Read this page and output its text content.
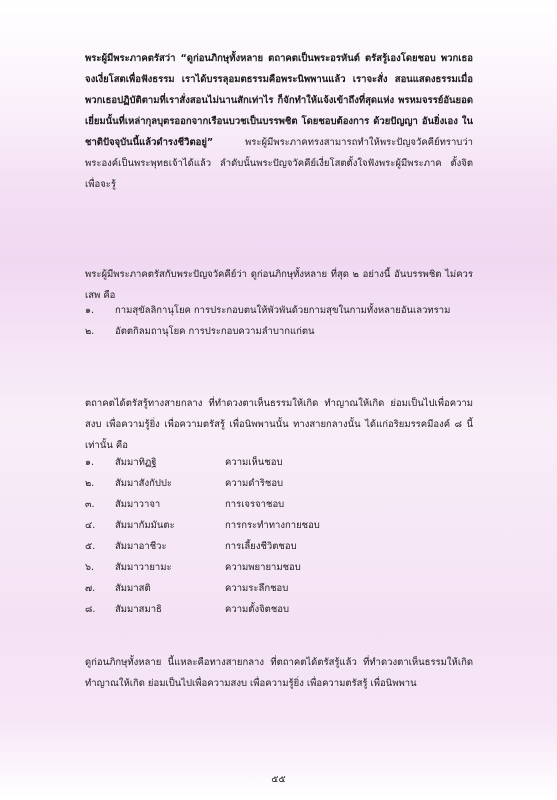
พระผู้มีพระภาคตรัสว่า “ดูก่อนภิกษุทั้งหลาย ตถาคตเป็นพระอรหันต์ ตรัสรู้เองโดยชอบ พวกเธอจงเงี่ยโสตเพื่อฟังธรรม เราได้บรรลุอมตธรรมคือพระนิพพานแล้ว เราจะสั่ง สอนแสดงธรรมเมื่อพวกเธอปฏิบัติตามที่เราสั่งสอนไม่นานสักเท่าไร ก็จักทำให้แจ้งเข้าถึงที่สุดแห่ง พรหมจรรย์อันยอดเยี่ยมนั้นที่เหล่ากุลบุตรออกจากเรือนบวชเป็นบรรพชิต โดยชอบต้องการ ด้วยปัญญา อันยิ่งเอง ในชาติปัจจุบันนี้แล้วดำรงชีวิตอยู่” พระผู้มีพระภาคทรงสามารถทำให้พระปัญจวัคคีย์ทราบว่า พระองค์เป็นพระพุทธเจ้าได้แล้ว ลำดับนั้นพระปัญจวัคคีย์เงี่ยโสตตั้งใจฟังพระผู้มีพระภาค ตั้งจิตเพื่อจะรู้

พระผู้มีพระภาคตรัสกับพระปัญจวัคคีย์ว่า ดูก่อนภิกษุทั้งหลาย ที่สุด ๒ อย่างนี้ อันบรรพชิต ไม่ควรเสพ คือ

๑. กามสุขัลลิกานุโยค การประกอบตนให้พัวพันด้วยกามสุขในกามทั้งหลายอันเลวทราม
๒. อัตตกิลมถานุโยค การประกอบความลำบากแก่ตน

ตถาคตได้ตรัสรู้ทางสายกลาง ที่ทำดวงตาเห็นธรรมให้เกิด ทำญาณให้เกิด ย่อมเป็นไปเพื่อความสงบ เพื่อความรู้ยิ่ง เพื่อความตรัสรู้ เพื่อนิพพานนั้น ทางสายกลางนั้น ได้แก่อริยมรรคมีองค์ ๘ นี้เท่านั้น คือ

๑. สัมมาทิฏฐิ	ความเห็นชอบ
๒. สัมมาสังกัปปะ	ความดำริชอบ
๓. สัมมาวาจา	การเจรจาชอบ
๔. สัมมากัมมันตะ	การกระทำทางกายชอบ
๕. สัมมาอาชีวะ	การเลี้ยงชีวิตชอบ
๖. สัมมาวายามะ	ความพยายามชอบ
๗. สัมมาสติ	ความระลึกชอบ
๘. สัมมาสมาธิ	ความตั้งจิตชอบ

ดูก่อนภิกษุทั้งหลาย นี้แหละคือทางสายกลาง ที่ตถาคตได้ตรัสรู้แล้ว ที่ทำดวงตาเห็นธรรมให้เกิด ทำญาณให้เกิด ย่อมเป็นไปเพื่อความสงบ เพื่อความรู้ยิ่ง เพื่อความตรัสรู้ เพื่อนิพพาน

๕๕
